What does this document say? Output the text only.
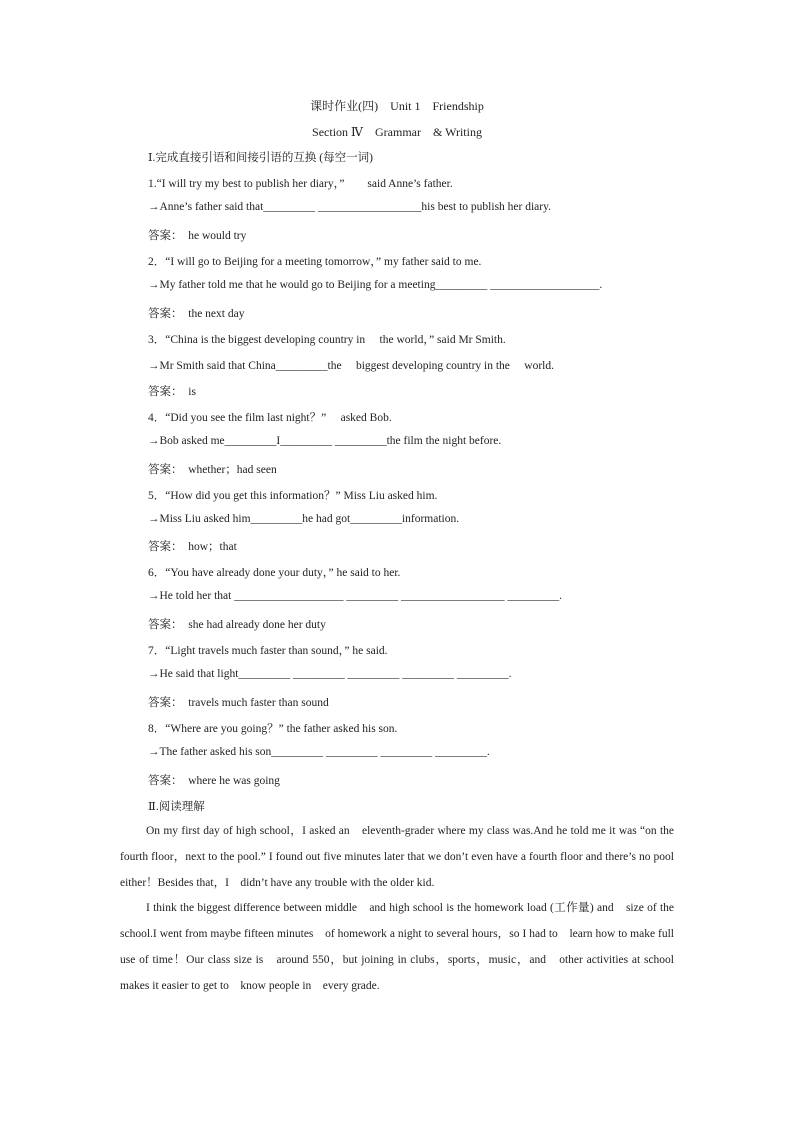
课时作业(四)　Unit 1　Friendship
Section Ⅳ　Grammar　& Writing
Ⅰ.完成直接引语和间接引语的互换 (每空一词)
1.“I will try my best to publish her diary，”　　said Anne’s father.
→Anne’s father said that_________ __________________his best to publish her diary.
答案：　he would try
2．“I will go to Beijing for a meeting tomorrow，” my father said to me.
→My father told me that he would go to Beijing for a meeting_________ ___________________.
答案：　the next day
3．“China is the biggest developing country in　 the world，” said Mr Smith.
→Mr Smith said that China_________the　 biggest developing country in the　 world.
答案：　is
4．“Did you see the film last night？”　 asked Bob.
→Bob asked me_________I_________ _________the film the night before.
答案：　whether；had seen
5．“How did you get this information？” Miss Liu asked him.
→Miss Liu asked him_________he had got_________information.
答案：　how；that
6．“You have already done your duty，” he said to her.
→He told her that ___________________ _________ __________________ _________.
答案：　she had already done her duty
7．“Light travels much faster than sound，” he said.
→He said that light_________ _________ _________ _________ _________.
答案：　travels much faster than sound
8．“Where are you going？” the father asked his son.
→The father asked his son_________ _________ _________ _________.
答案：　where he was going
Ⅱ.阅读理解

On my first day of high school，I asked an　eleventh-grader where my class was.And he told me it was “on the fourth floor，next to the pool.” I found out five minutes later that we don’t even have a fourth floor and there’s no pool either！Besides that，I　didn’t have any trouble with the older kid.

I think the biggest difference between middle　and high school is the homework load (工作量) and　size of the school.I went from maybe fifteen minutes　of homework a night to several hours，so I had to　learn how to make full use of time！Our class size is　around 550，but joining in clubs，sports，music，and　other activities at school makes it easier to get to　know people in　every grade.
